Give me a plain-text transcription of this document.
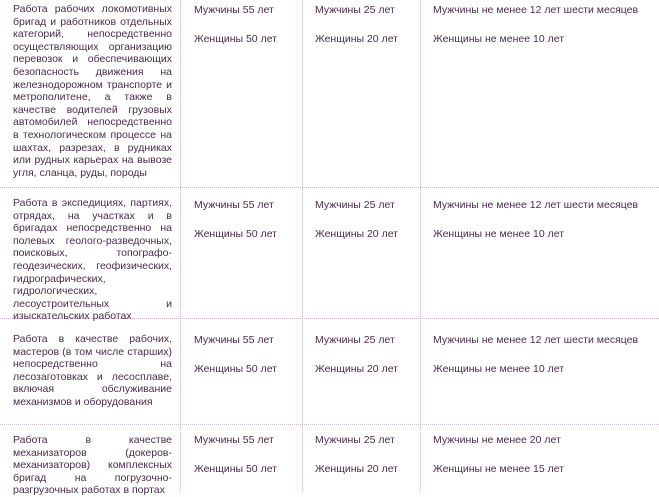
Работа рабочих локомотивных бригад и работников отдельных категорий, непосредственно осуществляющих организацию перевозок и обеспечивающих безопасность движения на железнодорожном транспорте и метрополитене, а также в качестве водителей грузовых автомобилей непосредственно в технологическом процессе на шахтах, разрезах, в рудниках или рудных карьерах на вывозе угля, сланца, руды, породы
Мужчины 55 лет
Женщины 50 лет
Мужчины 25 лет
Женщины 20 лет
Мужчины не менее 12 лет шести месяцев
Женщины не менее 10 лет
Работа в экспедициях, партиях, отрядах, на участках и в бригадах непосредственно на полевых геолого-разведочных, поисковых, топографо-геодезических, геофизических, гидрографических, гидрологических, лесоустроительных и изыскательских работах
Мужчины 55 лет
Женщины 50 лет
Мужчины 25 лет
Женщины 20 лет
Мужчины не менее 12 лет шести месяцев
Женщины не менее 10 лет
Работа в качестве рабочих, мастеров (в том числе старших) непосредственно на лесозаготовках и лесосплаве, включая обслуживание механизмов и оборудования
Мужчины 55 лет
Женщины 50 лет
Мужчины 25 лет
Женщины 20 лет
Мужчины не менее 12 лет шести месяцев
Женщины не менее 10 лет
Работа в качестве механизаторов (докеров-механизаторов) комплексных бригад на погрузочно-разгрузочных работах в портах
Мужчины 55 лет
Женщины 50 лет
Мужчины 25 лет
Женщины 20 лет
Мужчины не менее 20 лет
Женщины не менее 15 лет
